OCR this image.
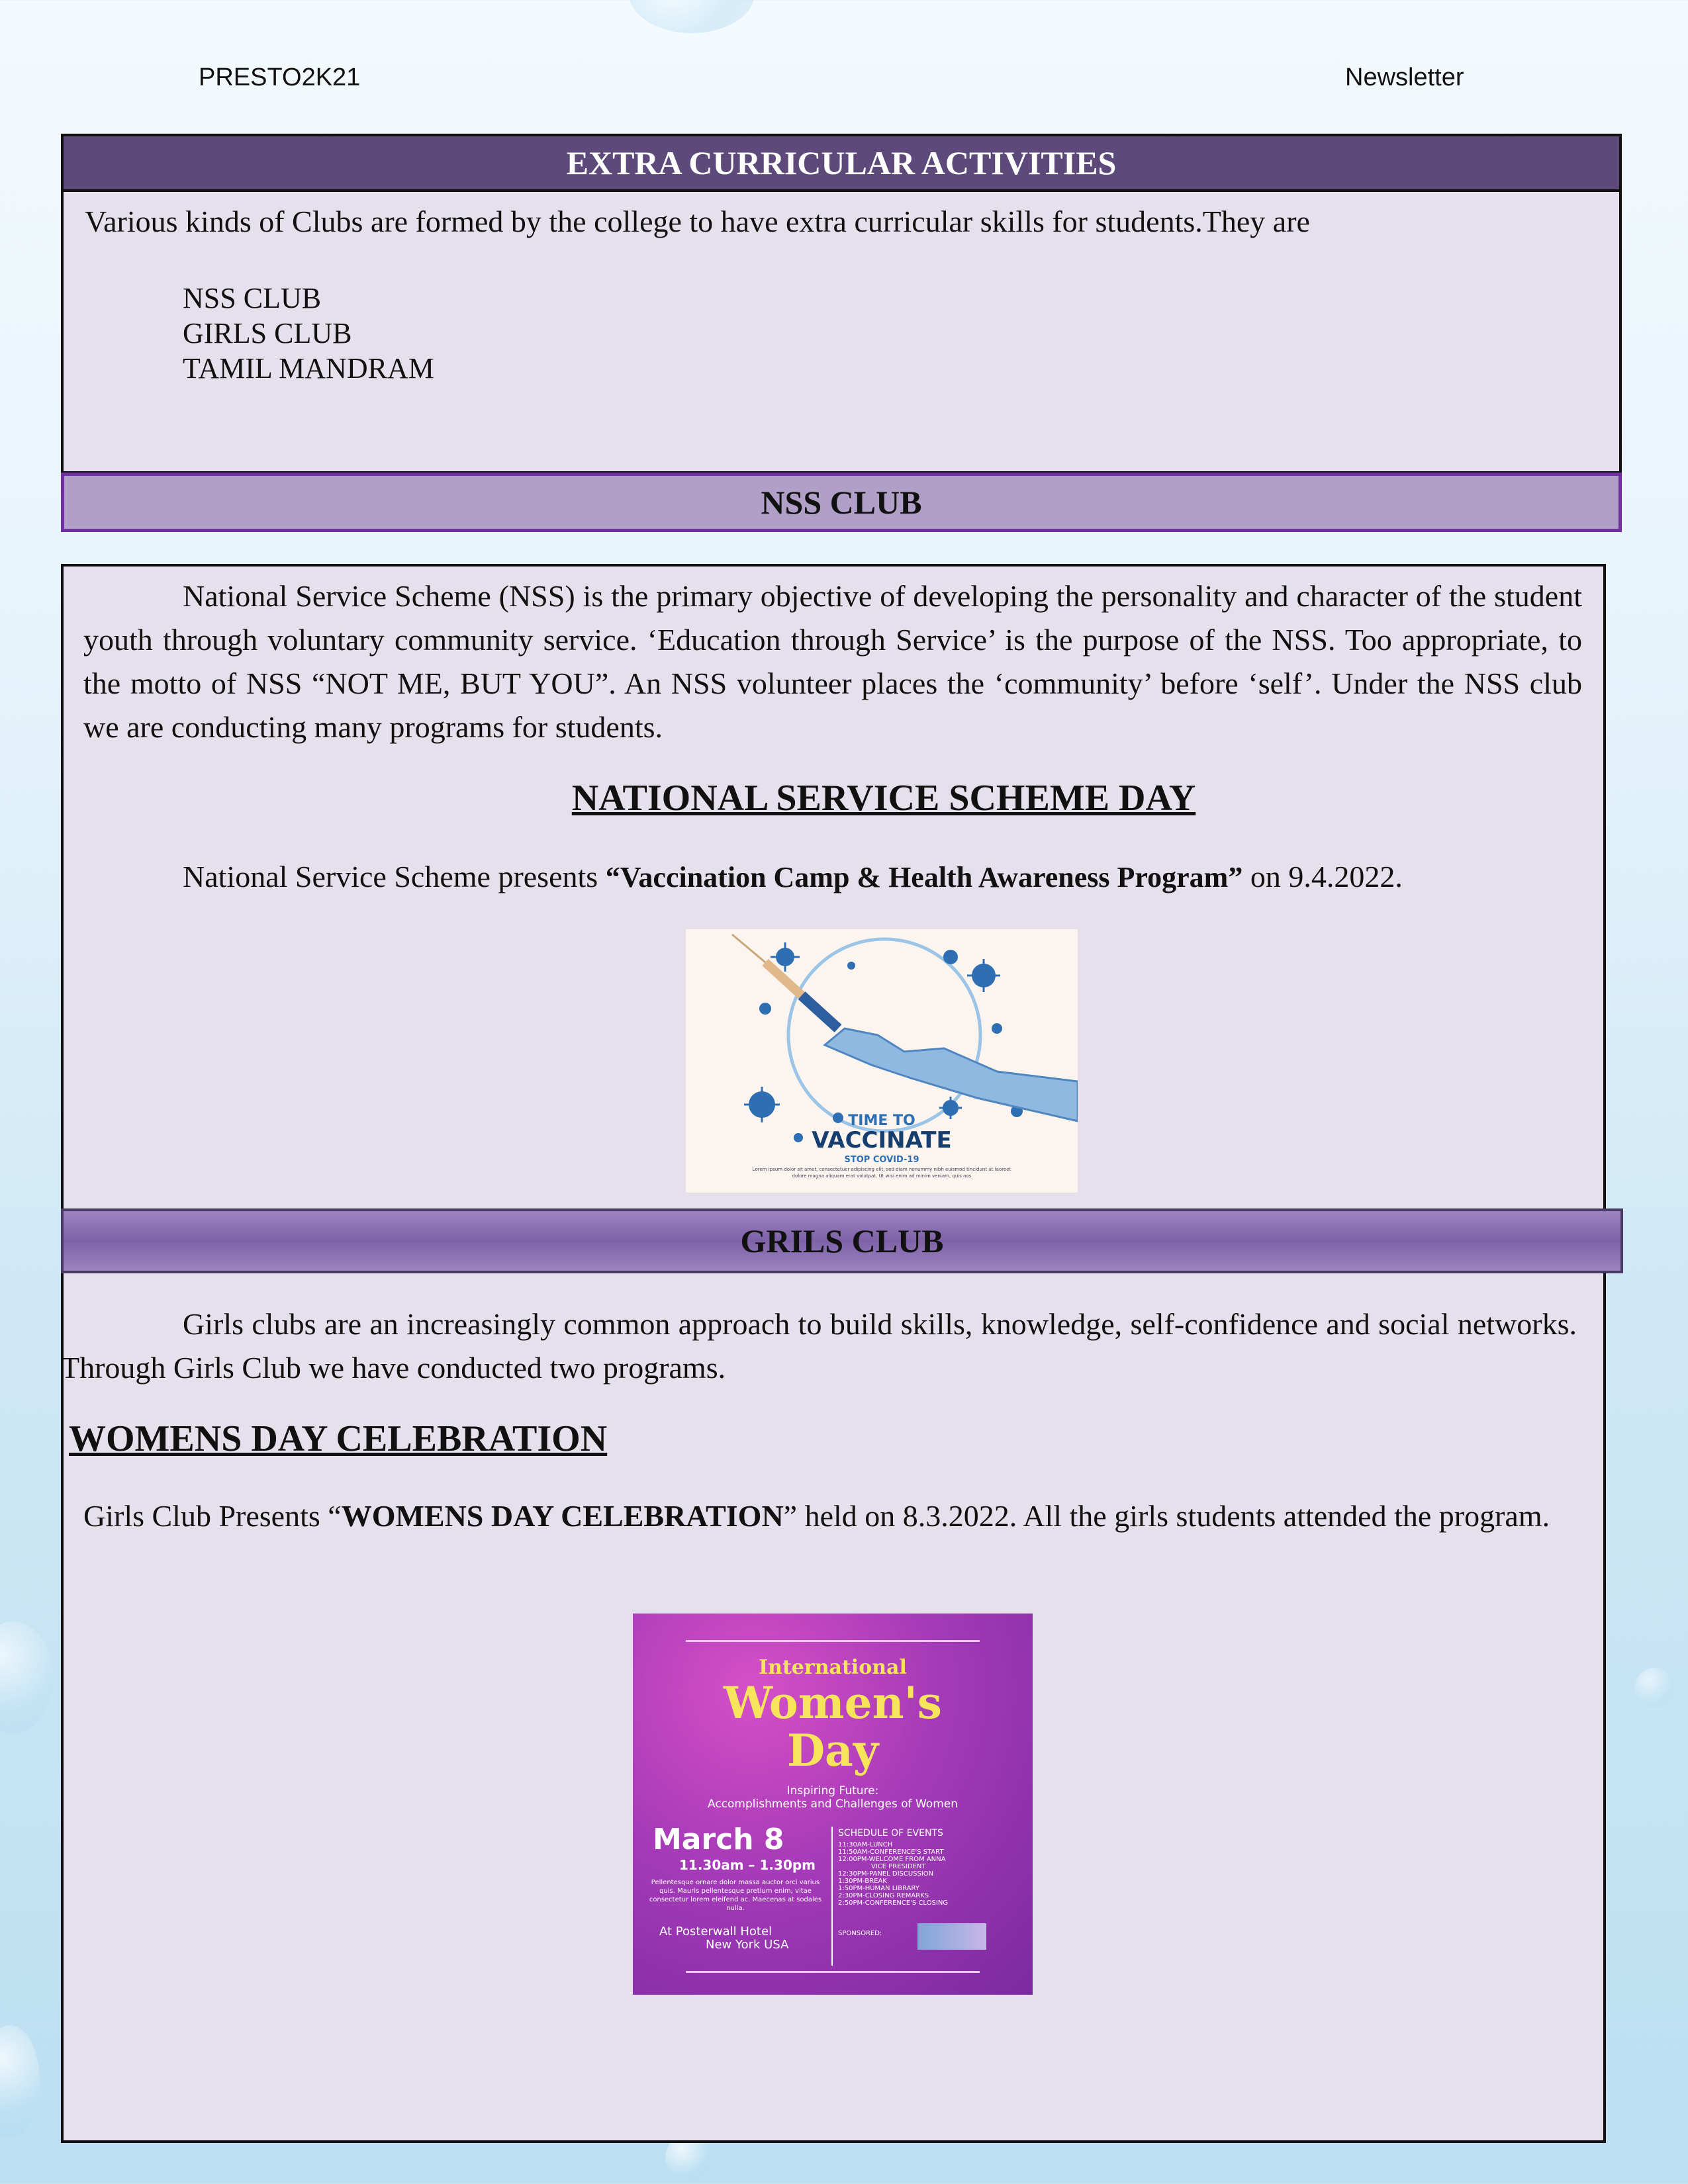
PRESTO2K21	Newsletter
EXTRA CURRICULAR ACTIVITIES
Various kinds of Clubs are formed by the college to have extra curricular skills for students.They are
NSS CLUB
GIRLS CLUB
TAMIL MANDRAM
NSS CLUB
National Service Scheme (NSS) is the primary objective of developing the personality and character of the student youth through voluntary community service. ‘Education through Service’ is the purpose of the NSS. Too appropriate, to the motto of NSS “NOT ME, BUT YOU”. An NSS volunteer places the ‘community’ before ‘self’. Under the NSS club we are conducting many programs for students.
NATIONAL SERVICE SCHEME DAY
National Service Scheme presents “Vaccination Camp & Health Awareness Program” on 9.4.2022.
TIME TO
VACCINATE
STOP COVID-19
Lorem ipsum dolor sit amet, consectetuer adipiscing elit, sed diam nonummy nibh euismod tincidunt ut laoreet dolore magna aliquam erat volutpat. Ut wisi enim ad minim veniam, quis nos
GRILS CLUB
Girls clubs are an increasingly common approach to build skills, knowledge, self-confidence and social networks. Through Girls Club we have conducted two programs.
WOMENS DAY CELEBRATION
Girls Club Presents “WOMENS DAY CELEBRATION” held on 8.3.2022. All the girls students attended the program.
International
Women's
Day
Inspiring Future:
Accomplishments and Challenges of Women
March 8
11.30am – 1.30pm
Pellentesque ornare dolor massa auctor orci varius quis. Mauris pellentesque pretium enim, vitae consectetur lorem eleifend ac. Maecenas at sodales nulla.
At Posterwall Hotel
New York USA
SCHEDULE OF EVENTS
11:30AM-LUNCH
11:50AM-CONFERENCE'S START
12:00PM-WELCOME FROM ANNA
VICE PRESIDENT
12:30PM-PANEL DISCUSSION
1:30PM-BREAK
1:50PM-HUMAN LIBRARY
2:30PM-CLOSING REMARKS
2:50PM-CONFERENCE'S CLOSING
SPONSORED:
